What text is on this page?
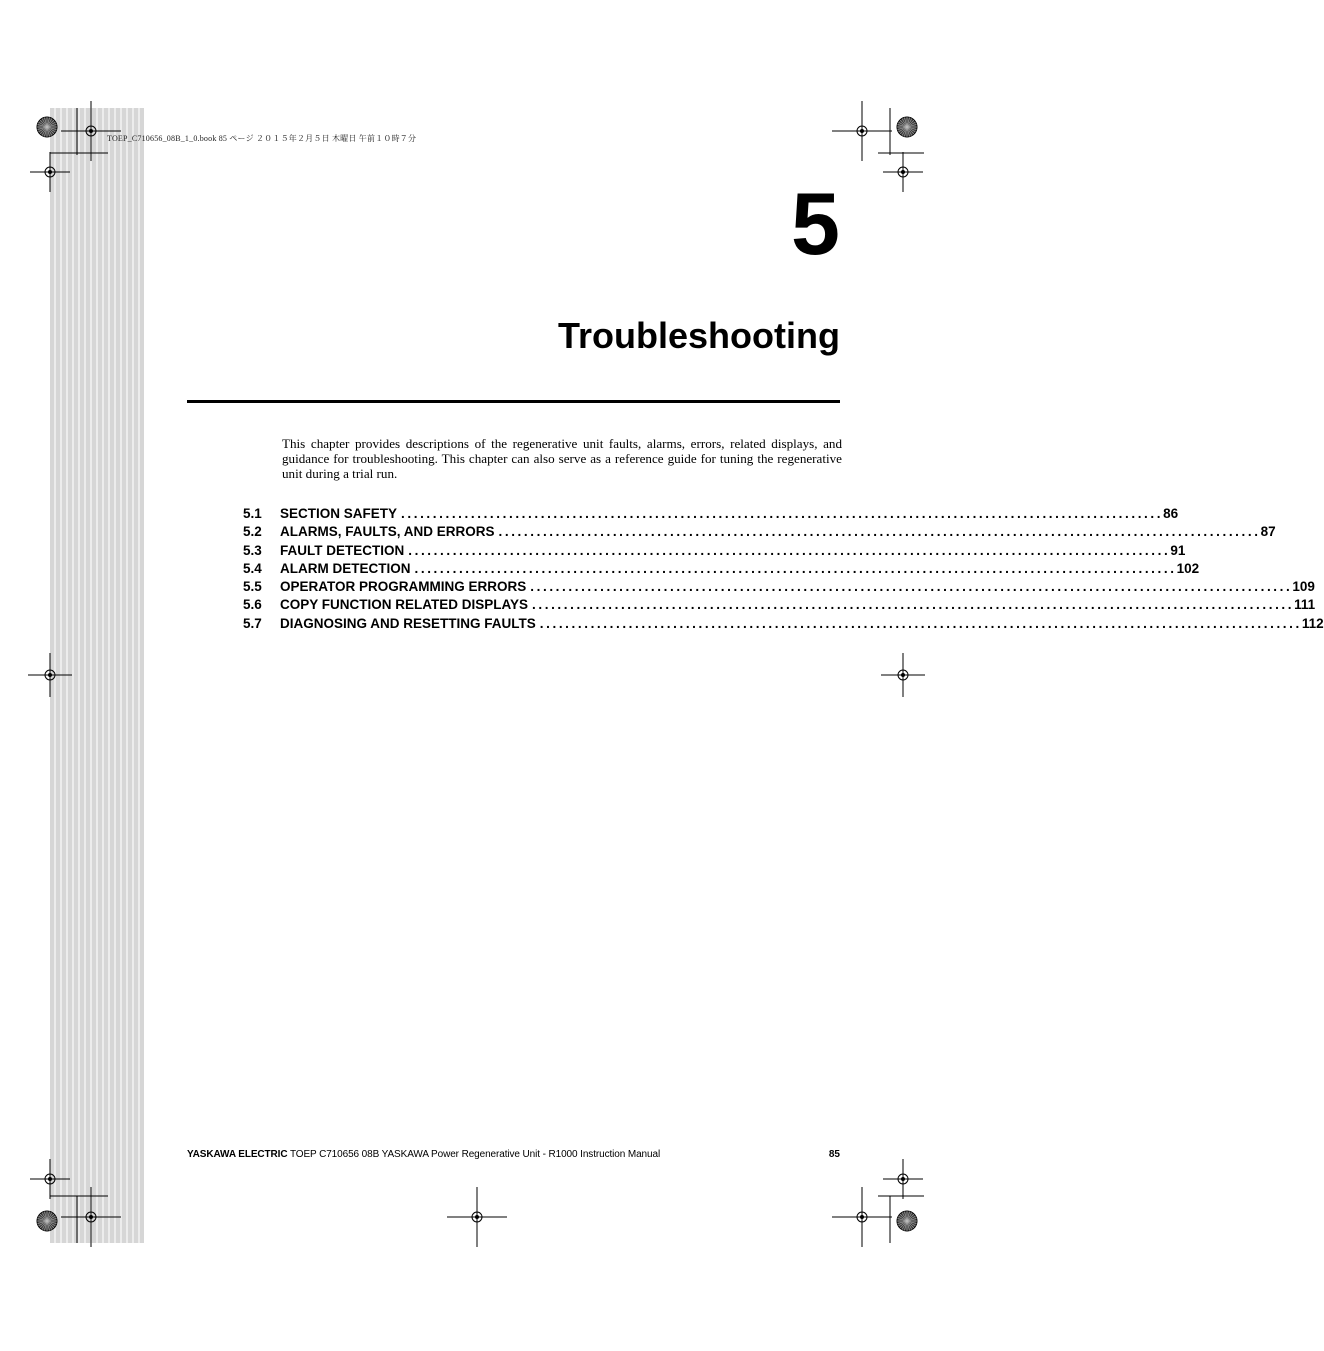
TOEP_C710656_08B_1_0.book 85 ページ ２０１５年２月５日 木曜日 午前１０時７分
5
Troubleshooting
This chapter provides descriptions of the regenerative unit faults, alarms, errors, related displays, and guidance for troubleshooting. This chapter can also serve as a reference guide for tuning the regenerative unit during a trial run.
5.1	SECTION SAFETY ........................................................................................................................ 86
5.2	ALARMS, FAULTS, AND ERRORS ........................................................................................................................ 87
5.3	FAULT DETECTION ........................................................................................................................ 91
5.4	ALARM DETECTION ........................................................................................................................ 102
5.5	OPERATOR PROGRAMMING ERRORS ........................................................................................................................ 109
5.6	COPY FUNCTION RELATED DISPLAYS ........................................................................................................................ 111
5.7	DIAGNOSING AND RESETTING FAULTS ........................................................................................................................ 112
YASKAWA ELECTRIC TOEP C710656 08B YASKAWA Power Regenerative Unit - R1000 Instruction Manual	85
